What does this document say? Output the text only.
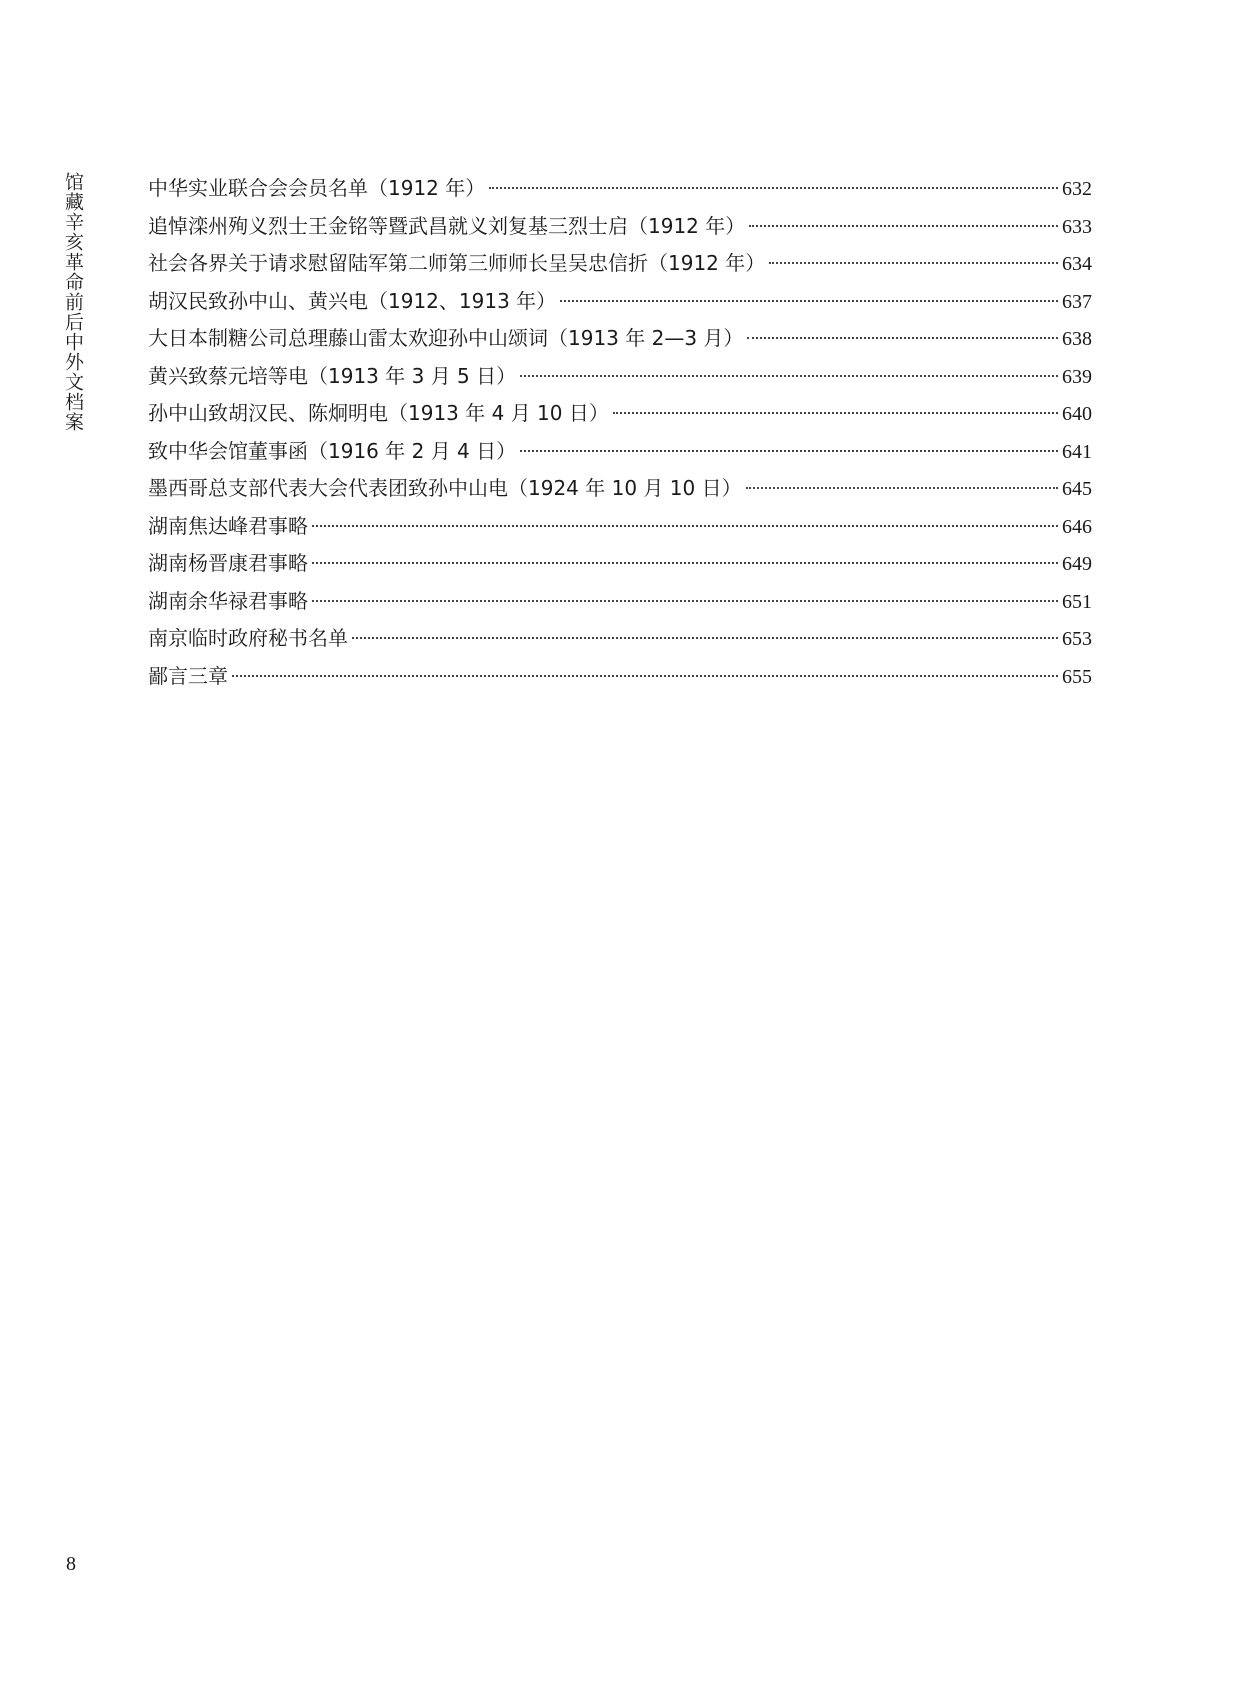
馆藏辛亥革命前后中外文档案	中华实业联合会会员名单（1912 年）	632
追悼滦州殉义烈士王金铭等暨武昌就义刘复基三烈士启（1912 年）	633
社会各界关于请求慰留陆军第二师第三师师长呈吴忠信折（1912 年）	634
胡汉民致孙中山、黄兴电（1912、1913 年）	637
大日本制糖公司总理藤山雷太欢迎孙中山颂词（1913 年 2—3 月）	638
黄兴致蔡元培等电（1913 年 3 月 5 日）	639
孙中山致胡汉民、陈炯明电（1913 年 4 月 10 日）	640
致中华会馆董事函（1916 年 2 月 4 日）	641
墨西哥总支部代表大会代表团致孙中山电（1924 年 10 月 10 日）	645
湖南焦达峰君事略	646
湖南杨晋康君事略	649
湖南余华禄君事略	651
南京临时政府秘书名单	653
鄙言三章	655
8
